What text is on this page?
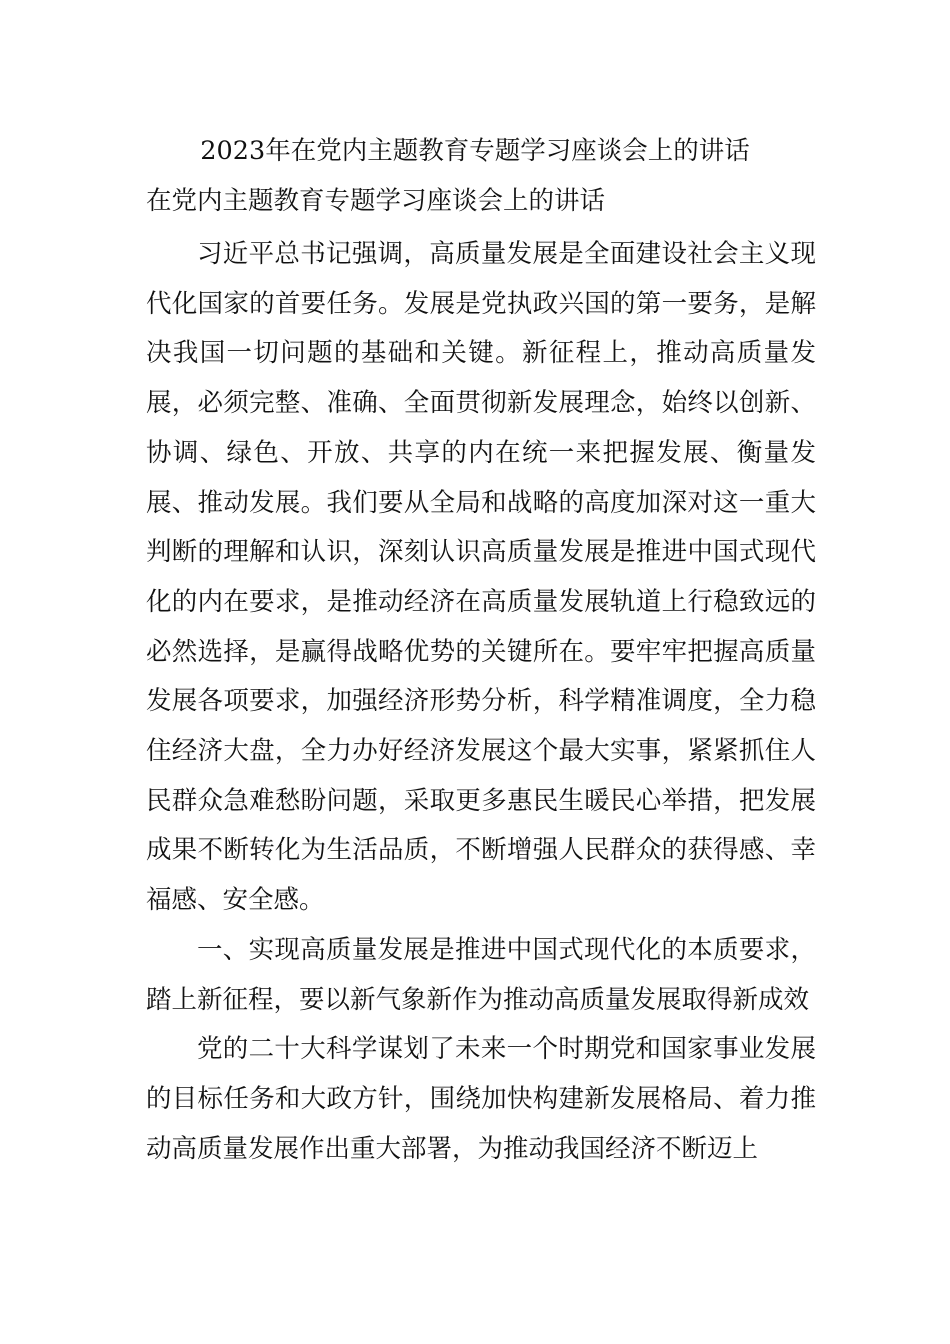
2023年在党内主题教育专题学习座谈会上的讲话
在党内主题教育专题学习座谈会上的讲话

习近平总书记强调，高质量发展是全面建设社会主义现代化国家的首要任务。发展是党执政兴国的第一要务，是解决我国一切问题的基础和关键。新征程上，推动高质量发展，必须完整、准确、全面贯彻新发展理念，始终以创新、协调、绿色、开放、共享的内在统一来把握发展、衡量发展、推动发展。我们要从全局和战略的高度加深对这一重大判断的理解和认识，深刻认识高质量发展是推进中国式现代化的内在要求，是推动经济在高质量发展轨道上行稳致远的必然选择，是赢得战略优势的关键所在。要牢牢把握高质量发展各项要求，加强经济形势分析，科学精准调度，全力稳住经济大盘，全力办好经济发展这个最大实事，紧紧抓住人民群众急难愁盼问题，采取更多惠民生暖民心举措，把发展成果不断转化为生活品质，不断增强人民群众的获得感、幸福感、安全感。

一、实现高质量发展是推进中国式现代化的本质要求，踏上新征程，要以新气象新作为推动高质量发展取得新成效

党的二十大科学谋划了未来一个时期党和国家事业发展的目标任务和大政方针，围绕加快构建新发展格局、着力推动高质量发展作出重大部署，为推动我国经济不断迈上
